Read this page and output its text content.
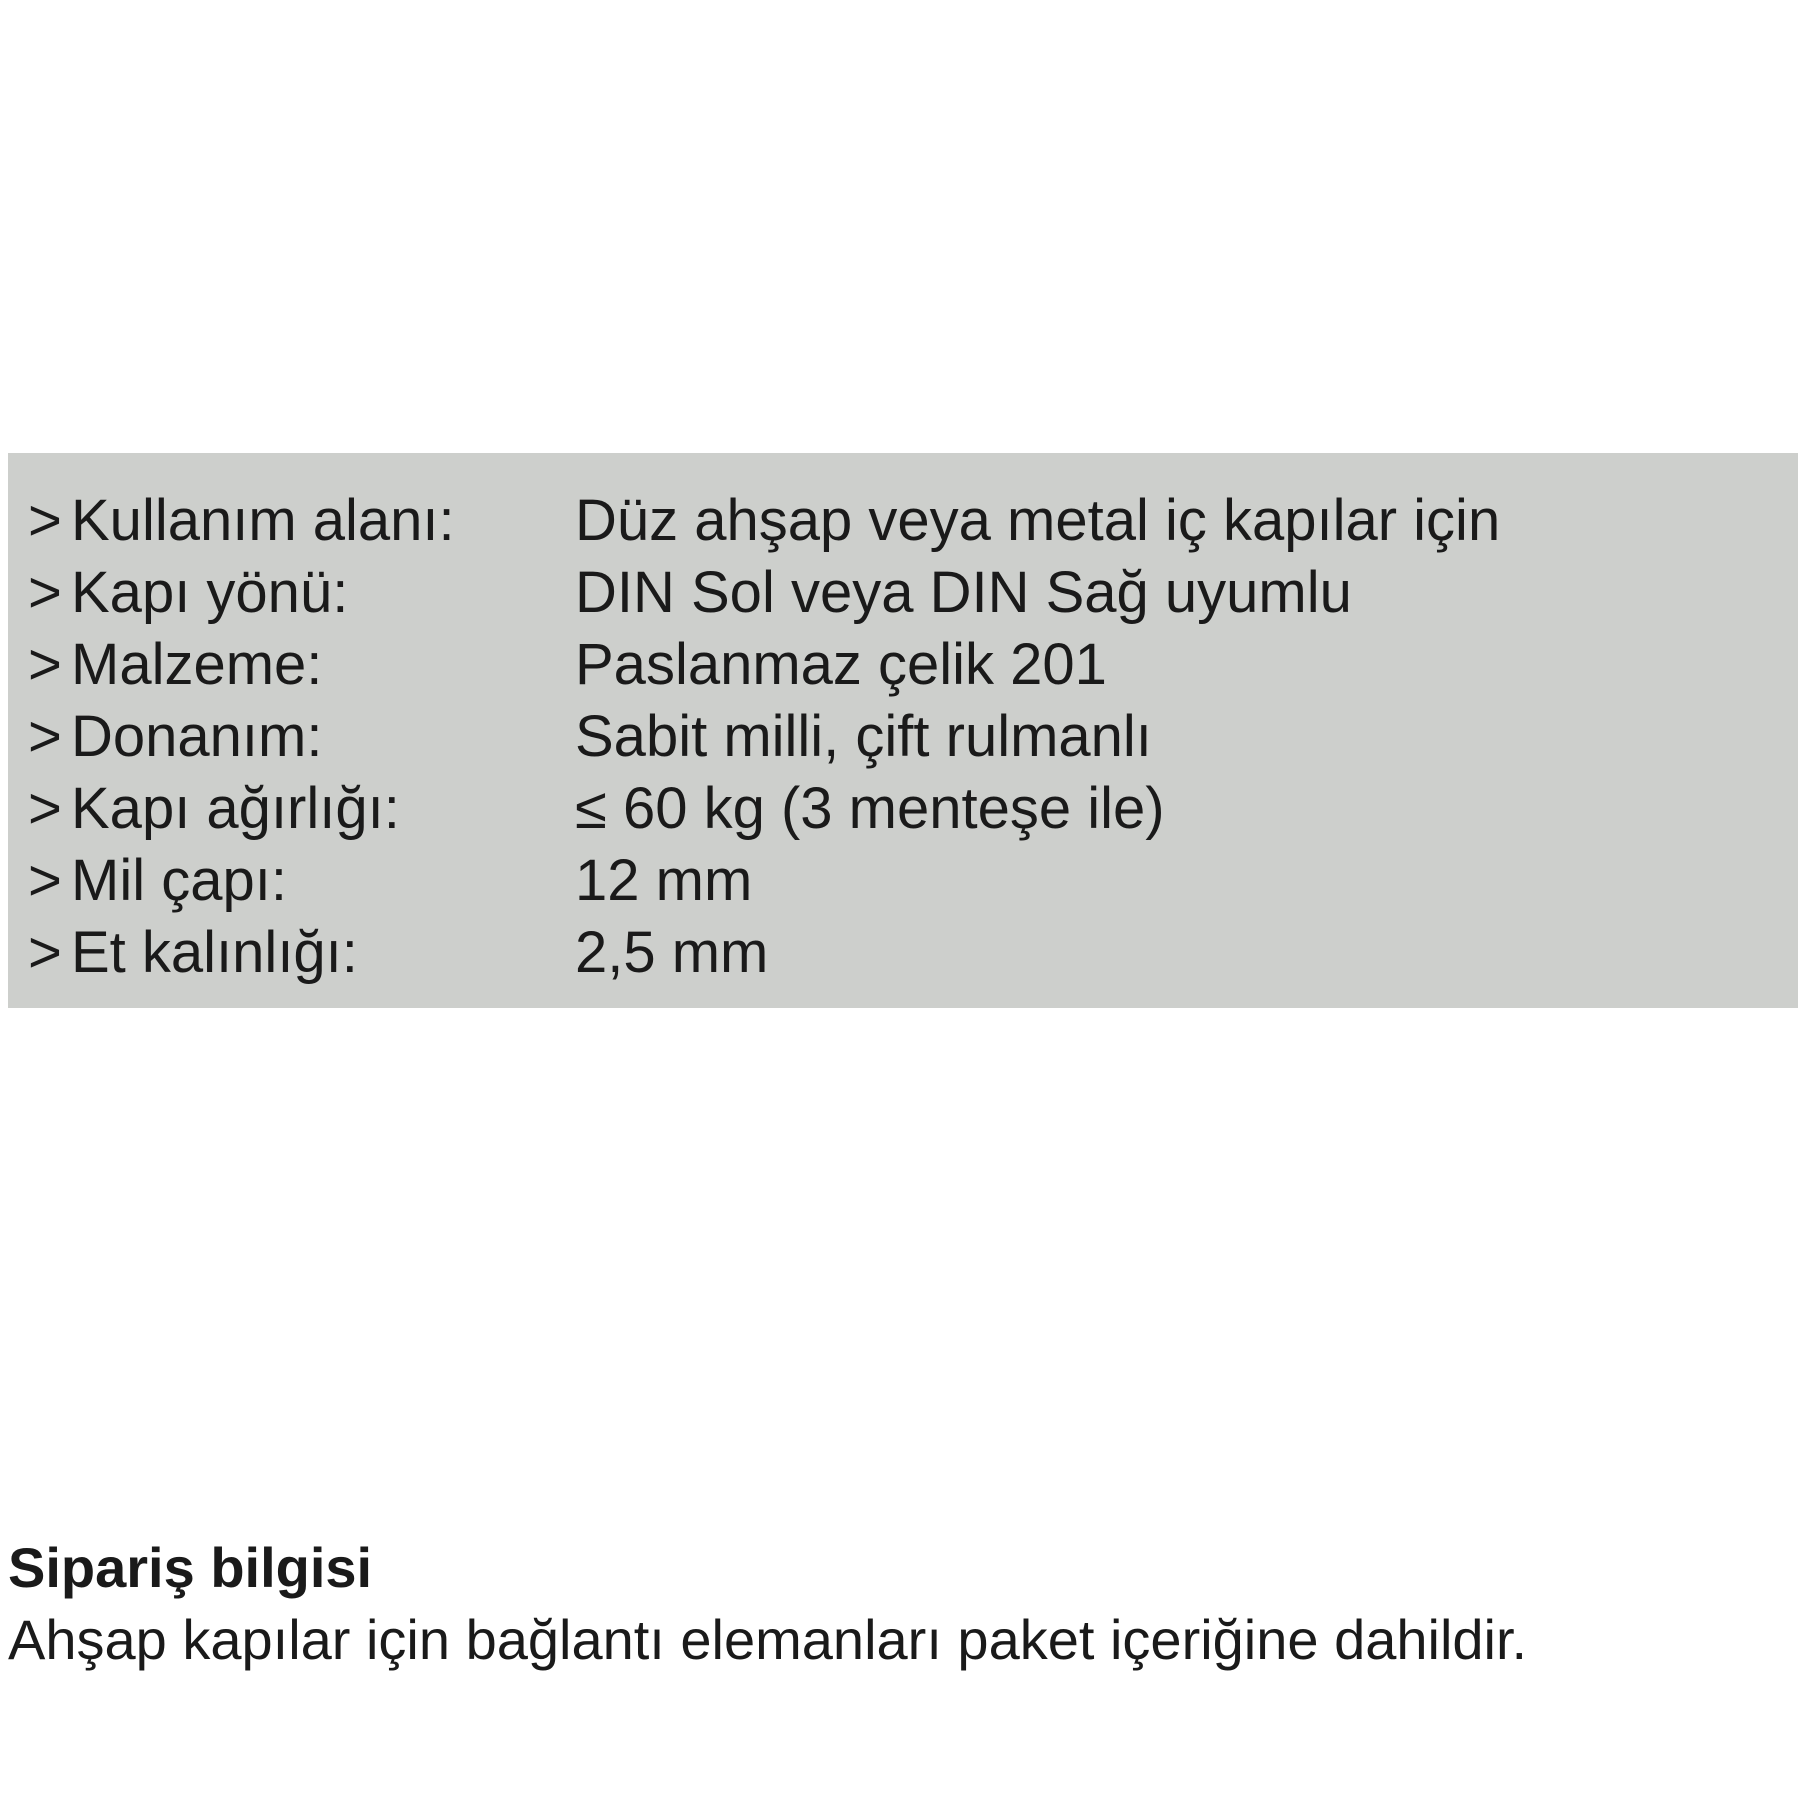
> Kullanım alanı: Düz ahşap veya metal iç kapılar için
> Kapı yönü:	DIN Sol veya DIN Sağ uyumlu
> Malzeme:	Paslanmaz çelik 201
> Donanım:	Sabit milli, çift rulmanlı
> Kapı ağırlığı:	≤ 60 kg (3 menteşe ile)
> Mil çapı:	12 mm
> Et kalınlığı:	2,5 mm
Sipariş bilgisi
Ahşap kapılar için bağlantı elemanları paket içeriğine dahildir.
